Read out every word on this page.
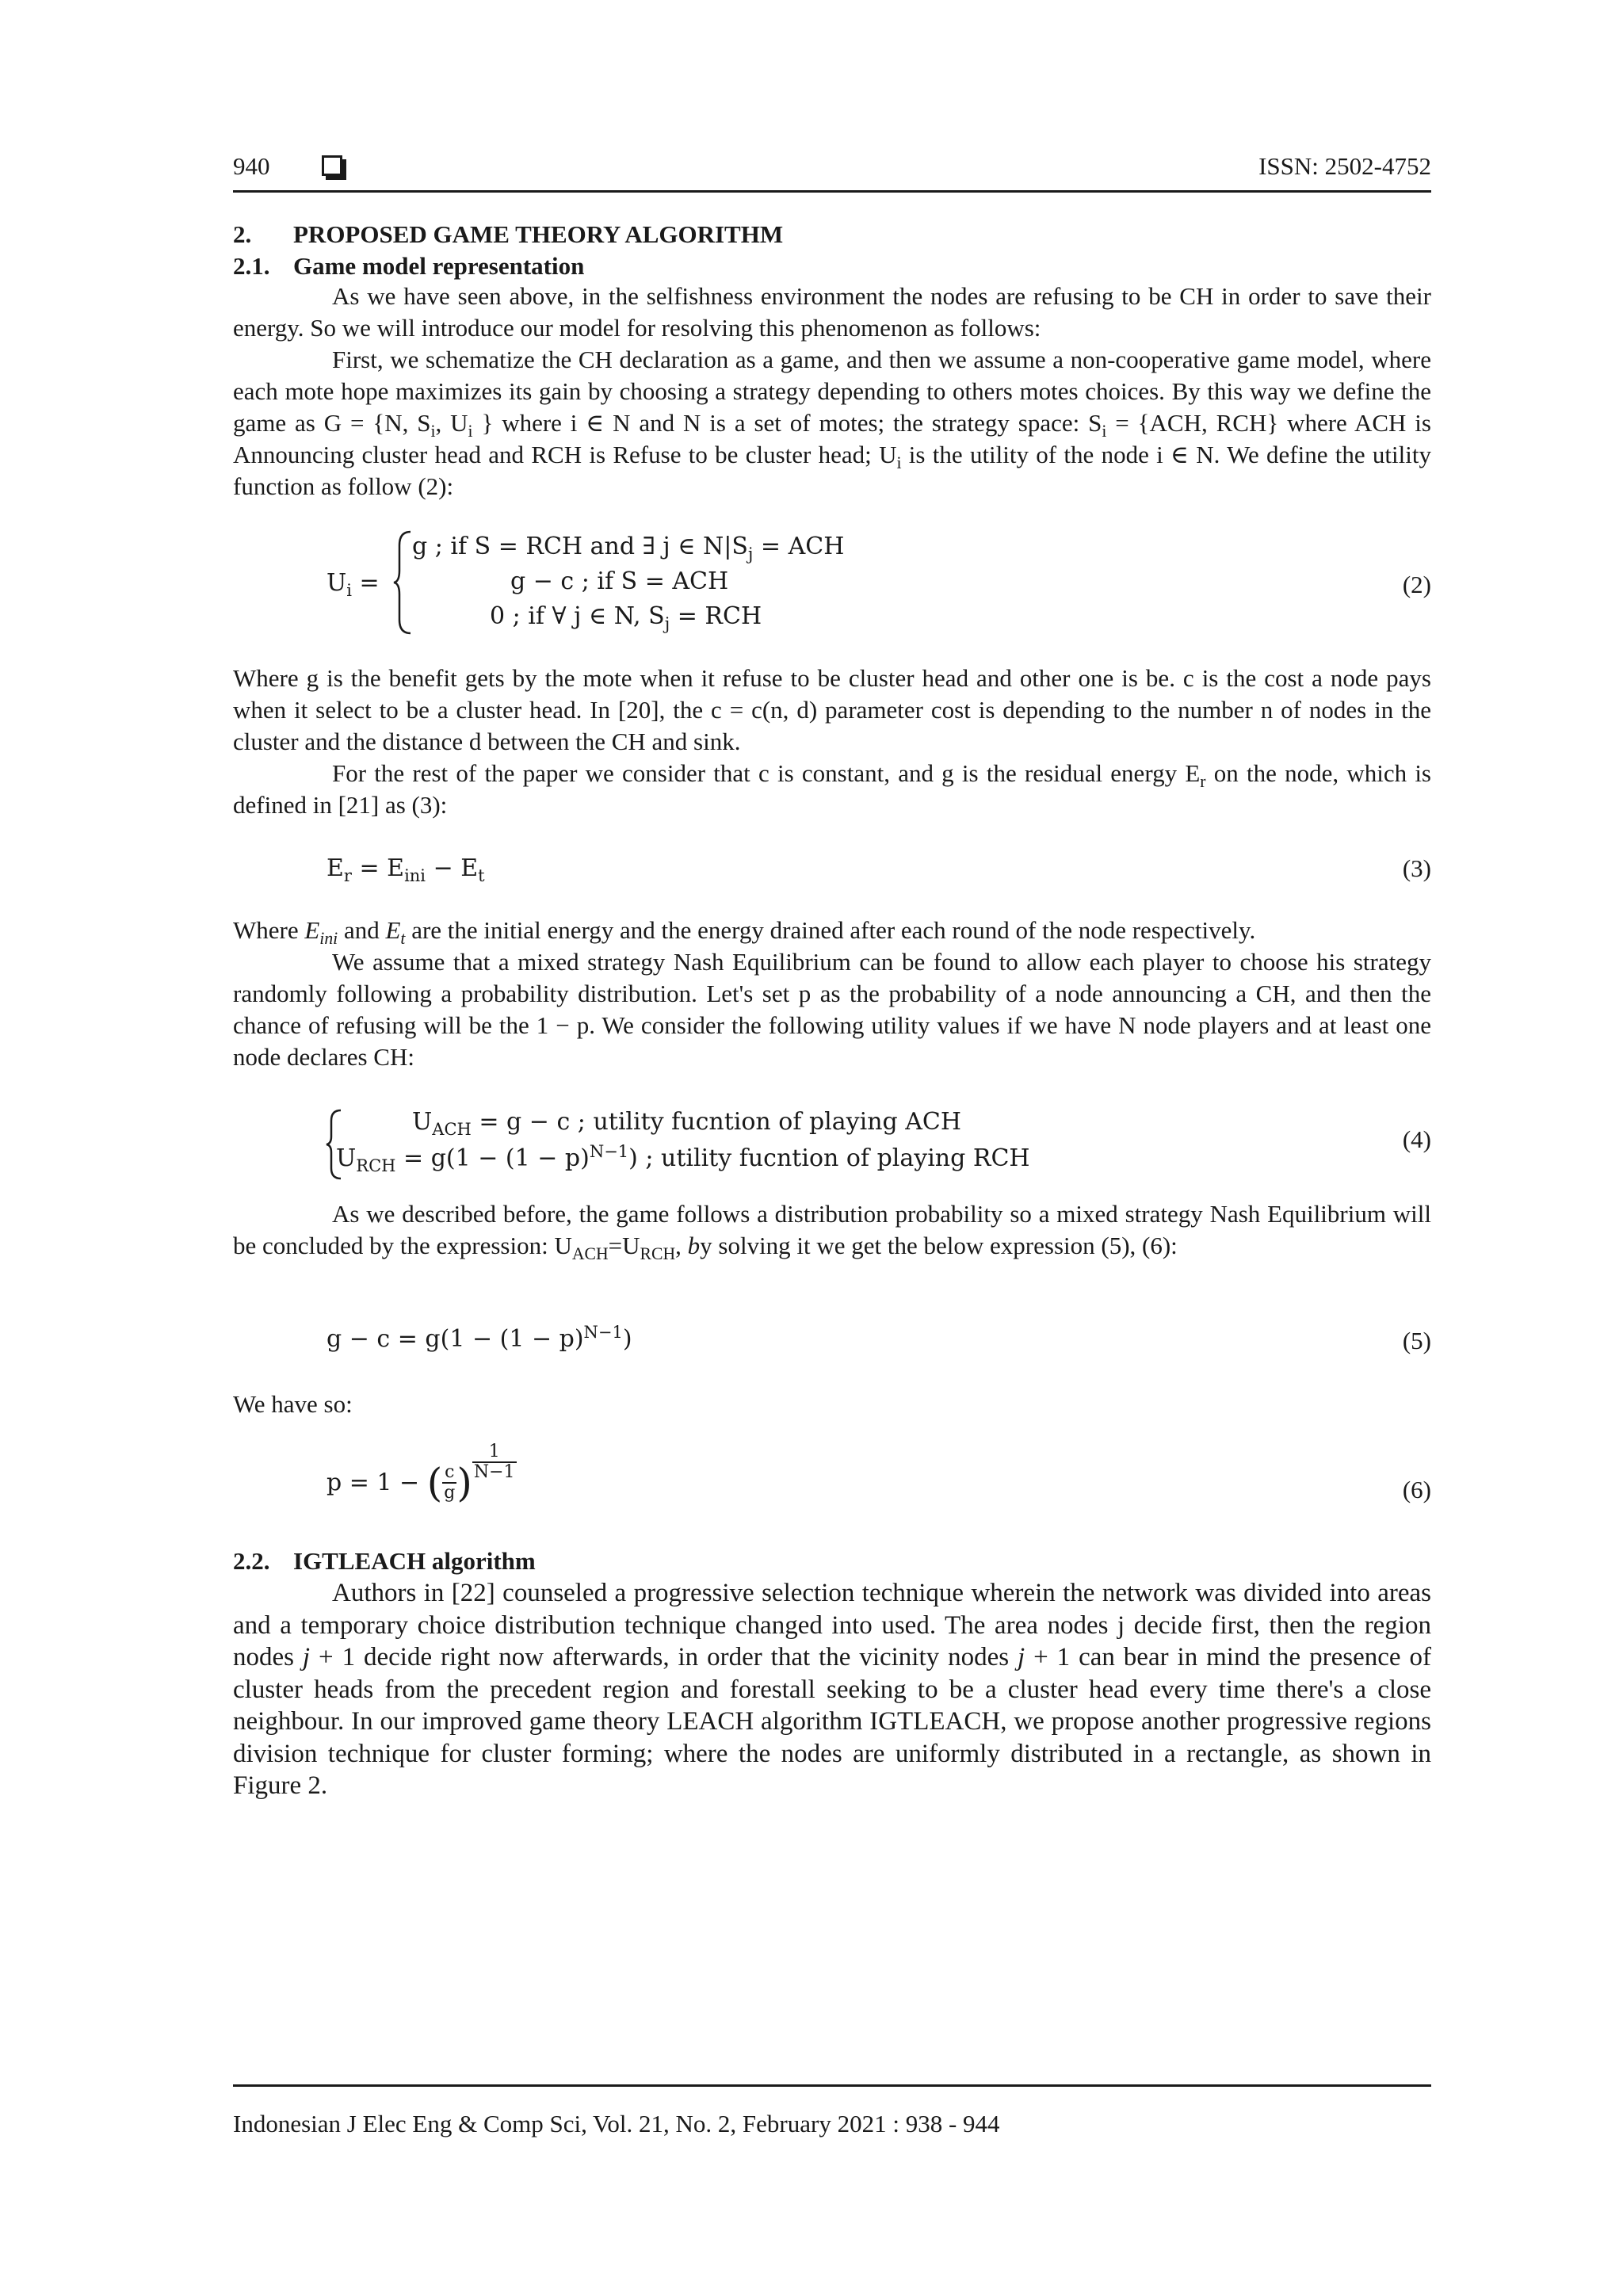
940	ISSN: 2502-4752
2. PROPOSED GAME THEORY ALGORITHM
2.1. Game model representation

As we have seen above, in the selfishness environment the nodes are refusing to be CH in order to save their energy. So we will introduce our model for resolving this phenomenon as follows:

First, we schematize the CH declaration as a game, and then we assume a non-cooperative game model, where each mote hope maximizes its gain by choosing a strategy depending to others motes choices. By this way we define the game as G = {N, $S_i$, $U_i$ } where i ∈ N and N is a set of motes; the strategy space: $S_i = \{ACH$, RCH} where ACH is Announcing cluster head and RCH is Refuse to be cluster head; $U_i$ is the utility of the node i ∈ N. We define the utility function as follow (2):

$U_i$ =
g ; if S = RCH and ∃ j ∈ $N|S_j$ = ACH
g − c ; if S = ACH
0 ; if ∀ j ∈ N, $S_j$ = RCH
(2)

Where g is the benefit gets by the mote when it refuse to be cluster head and other one is be. c is the cost a node pays when it select to be a cluster head. In [20], the c = c(n, d) parameter cost is depending to the number n of nodes in the cluster and the distance d between the CH and sink.

For the rest of the paper we consider that c is constant, and g is the residual energy $E_r$ on the node, which is defined in [21] as (3):

$E_r = E_{ini} - E_t$	(3)

Where $E_{ini}$ and $E_t$ are the initial energy and the energy drained after each round of the node respectively.

We assume that a mixed strategy Nash Equilibrium can be found to allow each player to choose his strategy randomly following a probability distribution. Let's set p as the probability of a node announcing a CH, and then the chance of refusing will be the 1 − p. We consider the following utility values if we have N node players and at least one node declares CH:

$U_{ACH} = g - c$ ; utility fucntion of playing ACH
$U_{RCH} = g(1 - (1 - p)^{N-1})$ ; utility fucntion of playing RCH
(4)

As we described before, the game follows a distribution probability so a mixed strategy Nash Equilibrium will be concluded by the expression: $U_{ACH}=U_{RCH}$, by solving it we get the below expression (5), (6):

$g - c = g(1 - (1 - p)^{N-1})$	(5)

We have so:

p = 1 − ( $\frac{c}{g}$ ) $\frac{1}{N-1}$
(6)
2.2. IGTLEACH algorithm

Authors in [22] counseled a progressive selection technique wherein the network was divided into areas and a temporary choice distribution technique changed into used. The area nodes j decide first, then the region nodes j + 1 decide right now afterwards, in order that the vicinity nodes j + 1 can bear in mind the presence of cluster heads from the precedent region and forestall seeking to be a cluster head every time there's a close neighbour. In our improved game theory LEACH algorithm IGTLEACH, we propose another progressive regions division technique for cluster forming; where the nodes are uniformly distributed in a rectangle, as shown in Figure 2.

Indonesian J Elec Eng & Comp Sci, Vol. 21, No. 2, February 2021 : 938 - 944
